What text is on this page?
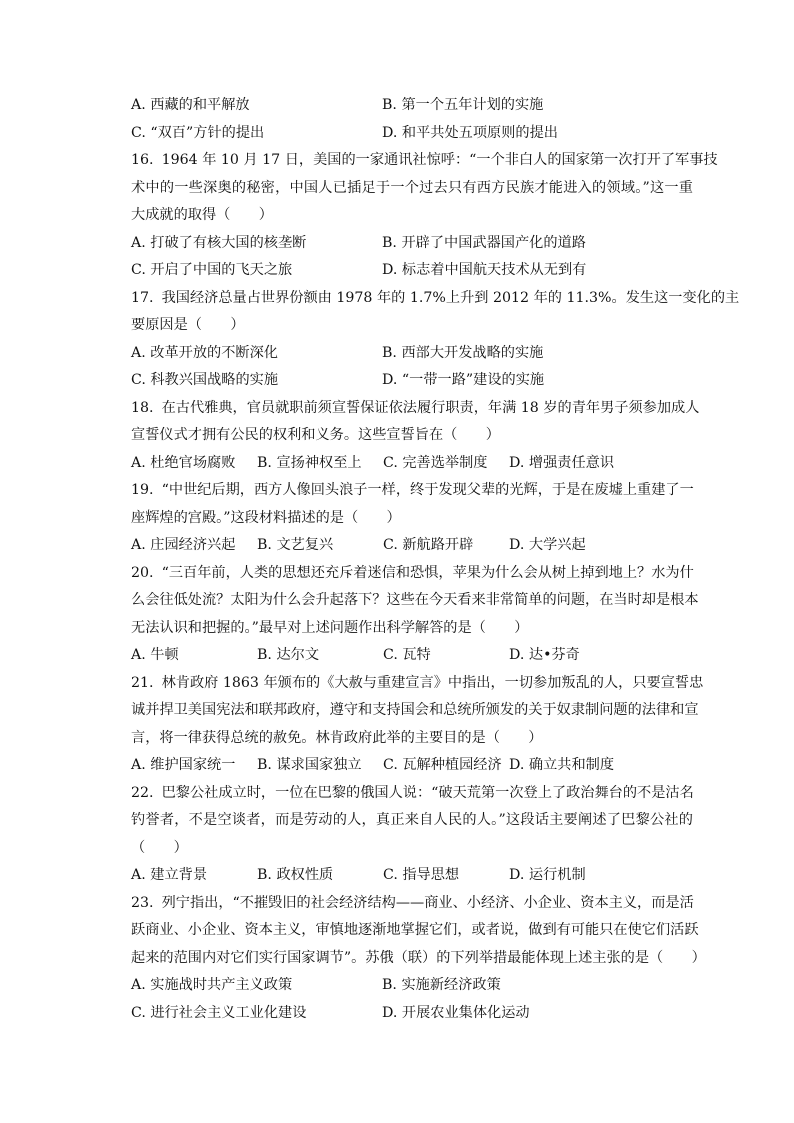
A. 西藏的和平解放	B. 第一个五年计划的实施
C. “双百”方针的提出	D. 和平共处五项原则的提出
16. 1964 年 10 月 17 日，美国的一家通讯社惊呼：“一个非白人的国家第一次打开了军事技
术中的一些深奥的秘密，中国人已插足于一个过去只有西方民族才能进入的领域。”这一重
大成就的取得（　　）
A. 打破了有核大国的核垄断	B. 开辟了中国武器国产化的道路
C. 开启了中国的飞天之旅	D. 标志着中国航天技术从无到有
17. 我国经济总量占世界份额由 1978 年的 1.7%上升到 2012 年的 11.3%。发生这一变化的主
要原因是（　　）
A. 改革开放的不断深化	B. 西部大开发战略的实施
C. 科教兴国战略的实施	D. “一带一路”建设的实施
18. 在古代雅典，官员就职前须宣誓保证依法履行职责，年满 18 岁的青年男子须参加成人
宣誓仪式才拥有公民的权利和义务。这些宣誓旨在（　　）
A. 杜绝官场腐败	B. 宣扬神权至上	C. 完善选举制度	D. 增强责任意识
19. “中世纪后期，西方人像回头浪子一样，终于发现父辈的光辉，于是在废墟上重建了一
座辉煌的宫殿。”这段材料描述的是（　　）
A. 庄园经济兴起	B. 文艺复兴	C. 新航路开辟	D. 大学兴起
20. “三百年前，人类的思想还充斥着迷信和恐惧，苹果为什么会从树上掉到地上？水为什
么会往低处流？太阳为什么会升起落下？这些在今天看来非常简单的问题，在当时却是根本
无法认识和把握的。”最早对上述问题作出科学解答的是（　　）
A. 牛顿	B. 达尔文	C. 瓦特	D. 达•芬奇
21. 林肯政府 1863 年颁布的《大赦与重建宣言》中指出，一切参加叛乱的人，只要宣誓忠
诚并捍卫美国宪法和联邦政府，遵守和支持国会和总统所颁发的关于奴隶制问题的法律和宣
言，将一律获得总统的赦免。林肯政府此举的主要目的是（　　）
A. 维护国家统一	B. 谋求国家独立	C. 瓦解种植园经济 D. 确立共和制度
22. 巴黎公社成立时，一位在巴黎的俄国人说：“破天荒第一次登上了政治舞台的不是沽名
钓誉者，不是空谈者，而是劳动的人，真正来自人民的人。”这段话主要阐述了巴黎公社的
（　　）
A. 建立背景	B. 政权性质	C. 指导思想	D. 运行机制
23. 列宁指出，“不摧毁旧的社会经济结构——商业、小经济、小企业、资本主义，而是活
跃商业、小企业、资本主义，审慎地逐渐地掌握它们，或者说，做到有可能只在使它们活跃
起来的范围内对它们实行国家调节”。苏俄（联）的下列举措最能体现上述主张的是（　　）
A. 实施战时共产主义政策	B. 实施新经济政策
C. 进行社会主义工业化建设	D. 开展农业集体化运动
